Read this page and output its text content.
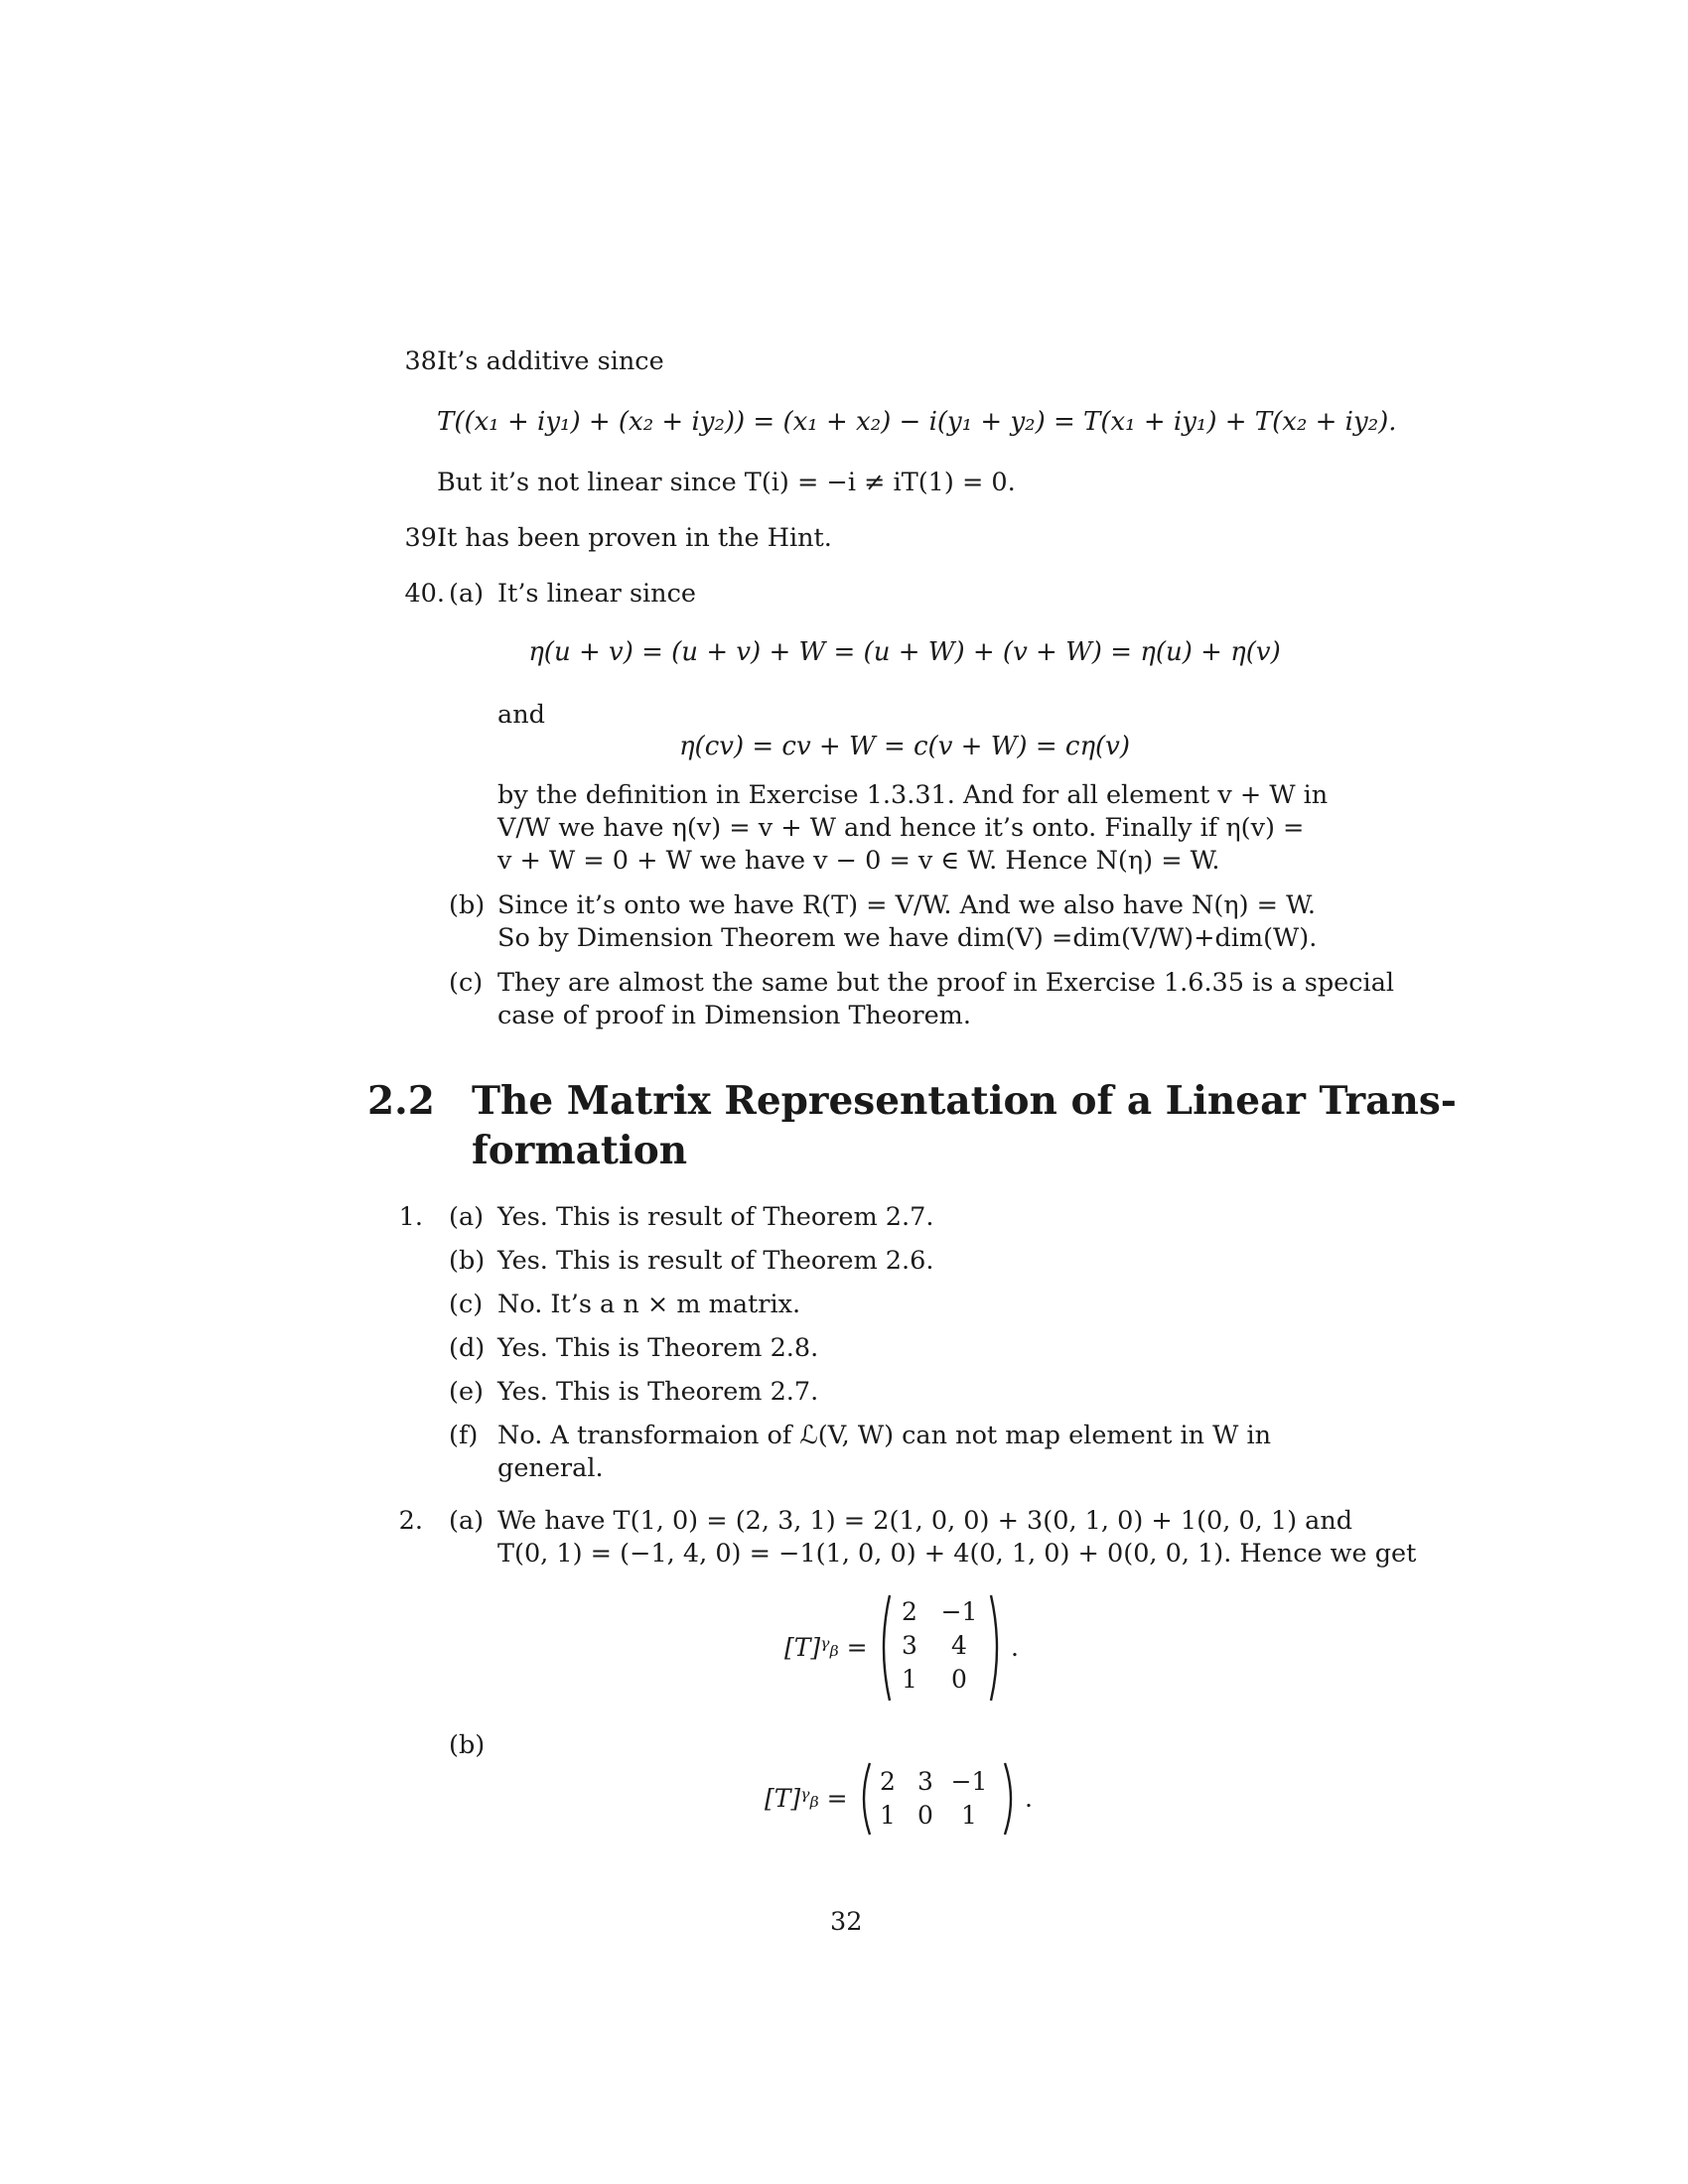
38.
It’s additive since
T((x₁ + iy₁) + (x₂ + iy₂)) = (x₁ + x₂) − i(y₁ + y₂) = T(x₁ + iy₁) + T(x₂ + iy₂).
But it’s not linear since T(i) = −i ≠ iT(1) = 0.
39.
It has been proven in the Hint.
40. (a) It’s linear since
η(u + v) = (u + v) + W = (u + W) + (v + W) = η(u) + η(v)
and
η(cv) = cv + W = c(v + W) = cη(v)
by the definition in Exercise 1.3.31. And for all element v + W in
V/W we have η(v) = v + W and hence it’s onto. Finally if η(v) =
v + W = 0 + W we have v − 0 = v ∈ W. Hence N(η) = W.
(b) Since it’s onto we have R(T) = V/W. And we also have N(η) = W.
So by Dimension Theorem we have dim(V) =dim(V/W)+dim(W).
(c) They are almost the same but the proof in Exercise 1.6.35 is a special
case of proof in Dimension Theorem.
2.2 The Matrix Representation of a Linear Trans-
formation
1. (a) Yes. This is result of Theorem 2.7.
(b) Yes. This is result of Theorem 2.6.
(c) No. It’s a n × m matrix.
(d) Yes. This is Theorem 2.8.
(e) Yes. This is Theorem 2.7.
(f) No. A transformaion of ℒ(V, W) can not map element in W in
general.
2. (a) We have T(1, 0) = (2, 3, 1) = 2(1, 0, 0) + 3(0, 1, 0) + 1(0, 0, 1) and
T(0, 1) = (−1, 4, 0) = −1(1, 0, 0) + 4(0, 1, 0) + 0(0, 0, 1). Hence we get
[T]ᵞᵦ =
2 −1
3	4
1	0
.
(b)
[T]ᵞᵦ =
2 3 −1
1 0	1
.
32
